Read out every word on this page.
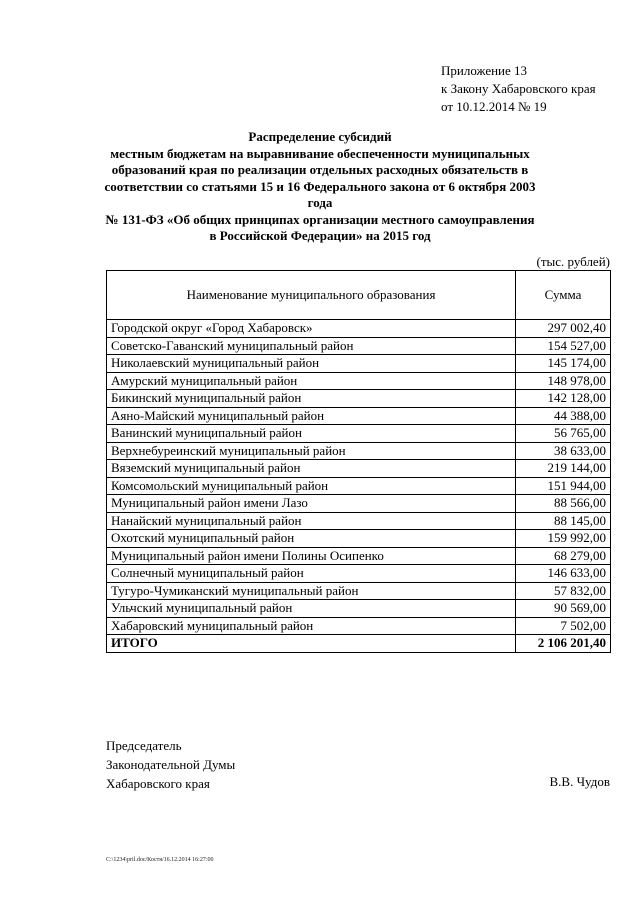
Приложение 13
к Закону Хабаровского края
от 10.12.2014 № 19
Распределение субсидий
местным бюджетам на выравнивание обеспеченности муниципальных
образований края по реализации отдельных расходных обязательств в
соответствии со статьями 15 и 16 Федерального закона от 6 октября 2003 года
№ 131-ФЗ «Об общих принципах организации местного самоуправления
в Российской Федерации» на 2015 год
(тыс. рублей)
Наименование муниципального образования	Сумма
Городской округ «Город Хабаровск»	297 002,40
Советско-Гаванский муниципальный район	154 527,00
Николаевский муниципальный район	145 174,00
Амурский муниципальный район	148 978,00
Бикинский муниципальный район	142 128,00
Аяно-Майский муниципальный район	44 388,00
Ванинский муниципальный район	56 765,00
Верхнебуреинский муниципальный район	38 633,00
Вяземский муниципальный район	219 144,00
Комсомольский муниципальный район	151 944,00
Муниципальный район имени Лазо	88 566,00
Нанайский муниципальный район	88 145,00
Охотский муниципальный район	159 992,00
Муниципальный район имени Полины Осипенко	68 279,00
Солнечный муниципальный район	146 633,00
Тугуро-Чумиканский муниципальный район	57 832,00
Ульчский муниципальный район	90 569,00
Хабаровский муниципальный район	7 502,00
ИТОГО	2 106 201,40
Председатель
Законодательной Думы
Хабаровского края	В.В. Чудов
C:\1234\pril.doc/Костя/16.12.2014 16:27:00
